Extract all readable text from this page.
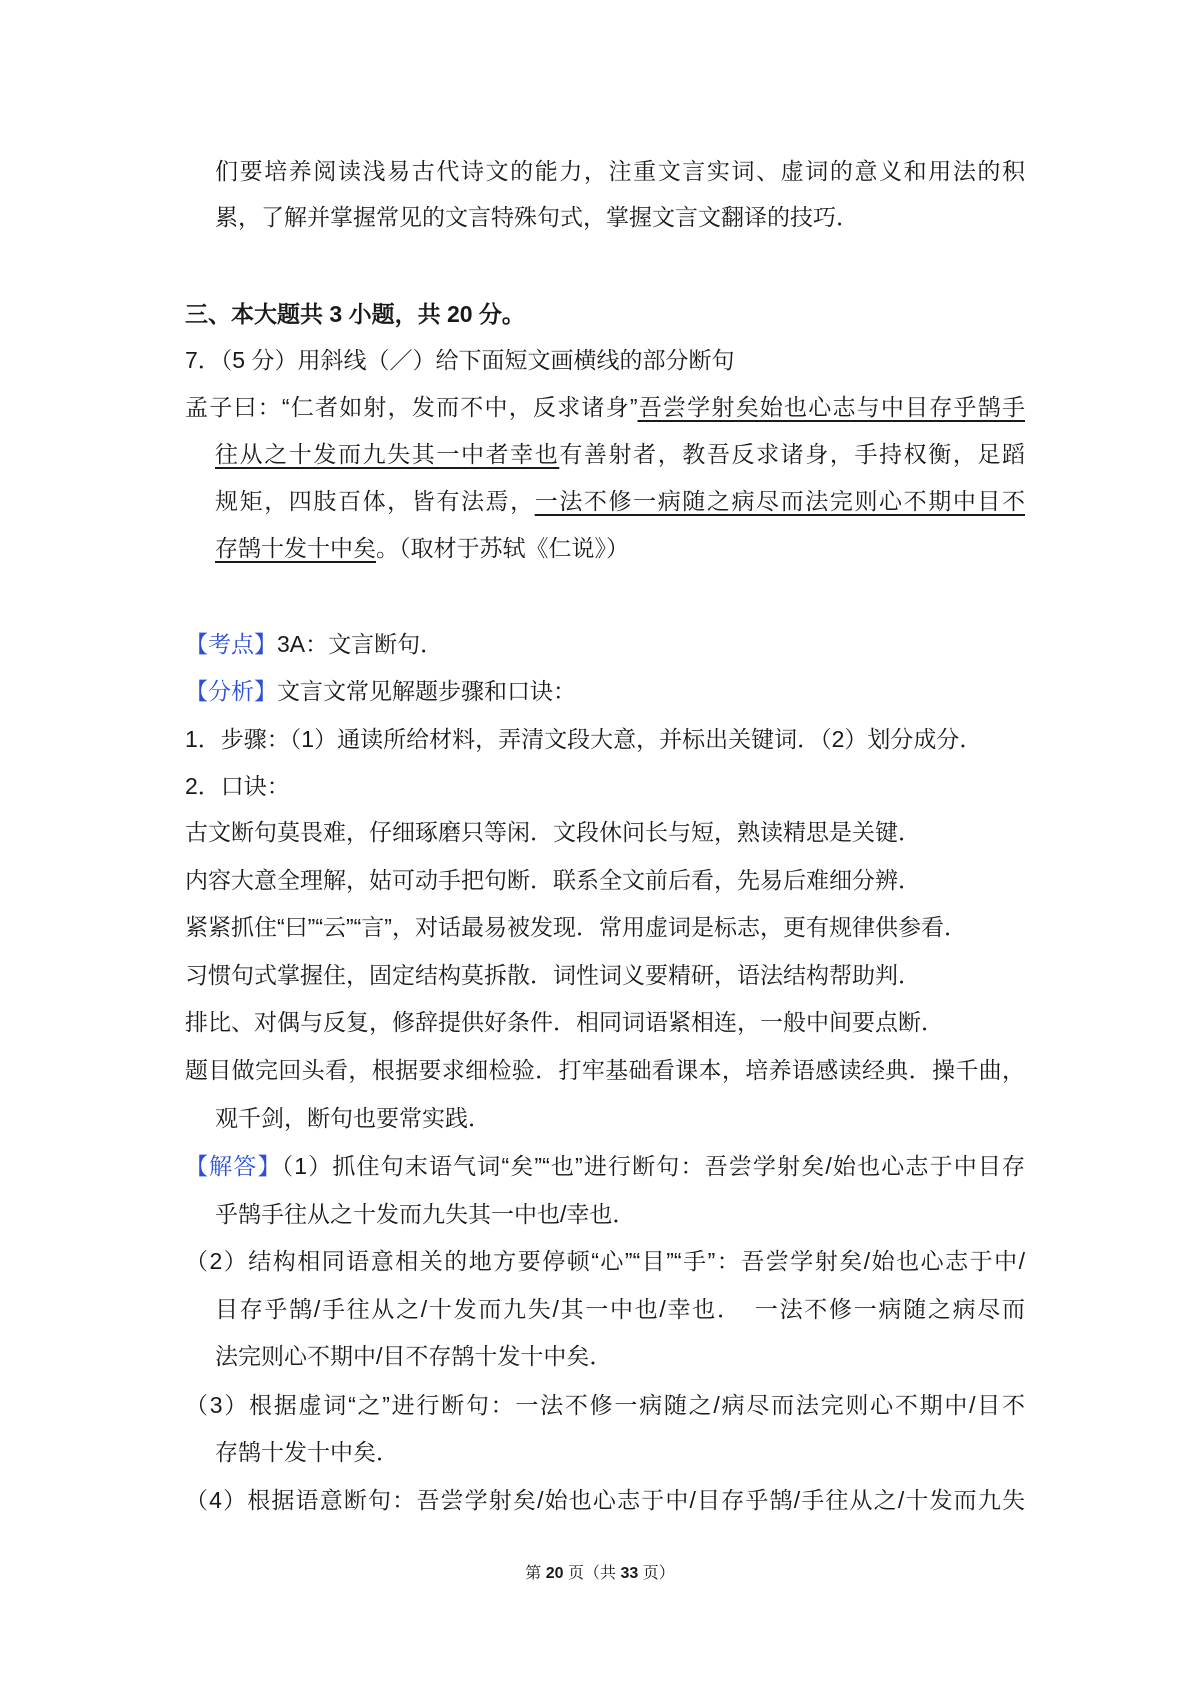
们要培养阅读浅易古代诗文的能力，注重文言实词、虚词的意义和用法的积
累，了解并掌握常见的文言特殊句式，掌握文言文翻译的技巧．
三、本大题共 3 小题，共 20 分。
7．（5 分）用斜线（／）给下面短文画横线的部分断句
孟子曰：“仁者如射，发而不中，反求诸身”吾尝学射矣始也心志与中目存乎鹄手
往从之十发而九失其一中者幸也有善射者，教吾反求诸身，手持权衡，足蹈
规矩，四肢百体，皆有法焉，一法不修一病随之病尽而法完则心不期中目不
存鹄十发十中矣。（取材于苏轼《仁说》）
【考点】3A：文言断句．
【分析】文言文常见解题步骤和口诀：
1．步骤：（1）通读所给材料，弄清文段大意，并标出关键词．（2）划分成分．
2．口诀：
古文断句莫畏难，仔细琢磨只等闲．文段休问长与短，熟读精思是关键．
内容大意全理解，姑可动手把句断．联系全文前后看，先易后难细分辨．
紧紧抓住“曰”“云”“言”，对话最易被发现．常用虚词是标志，更有规律供参看．
习惯句式掌握住，固定结构莫拆散．词性词义要精研，语法结构帮助判．
排比、对偶与反复，修辞提供好条件．相同词语紧相连，一般中间要点断．
题目做完回头看，根据要求细检验．打牢基础看课本，培养语感读经典．操千曲，
观千剑，断句也要常实践．
【解答】（1）抓住句末语气词“矣”“也”进行断句：吾尝学射矣/始也心志于中目存
乎鹄手往从之十发而九失其一中也/幸也．
（2）结构相同语意相关的地方要停顿“心”“目”“手”：吾尝学射矣/始也心志于中/
目存乎鹄/手往从之/十发而九失/其一中也/幸也．　一法不修一病随之病尽而
法完则心不期中/目不存鹄十发十中矣．
（3）根据虚词“之”进行断句：一法不修一病随之/病尽而法完则心不期中/目不
存鹄十发十中矣．
（4）根据语意断句：吾尝学射矣/始也心志于中/目存乎鹄/手往从之/十发而九失
第 20 页（共 33 页）
